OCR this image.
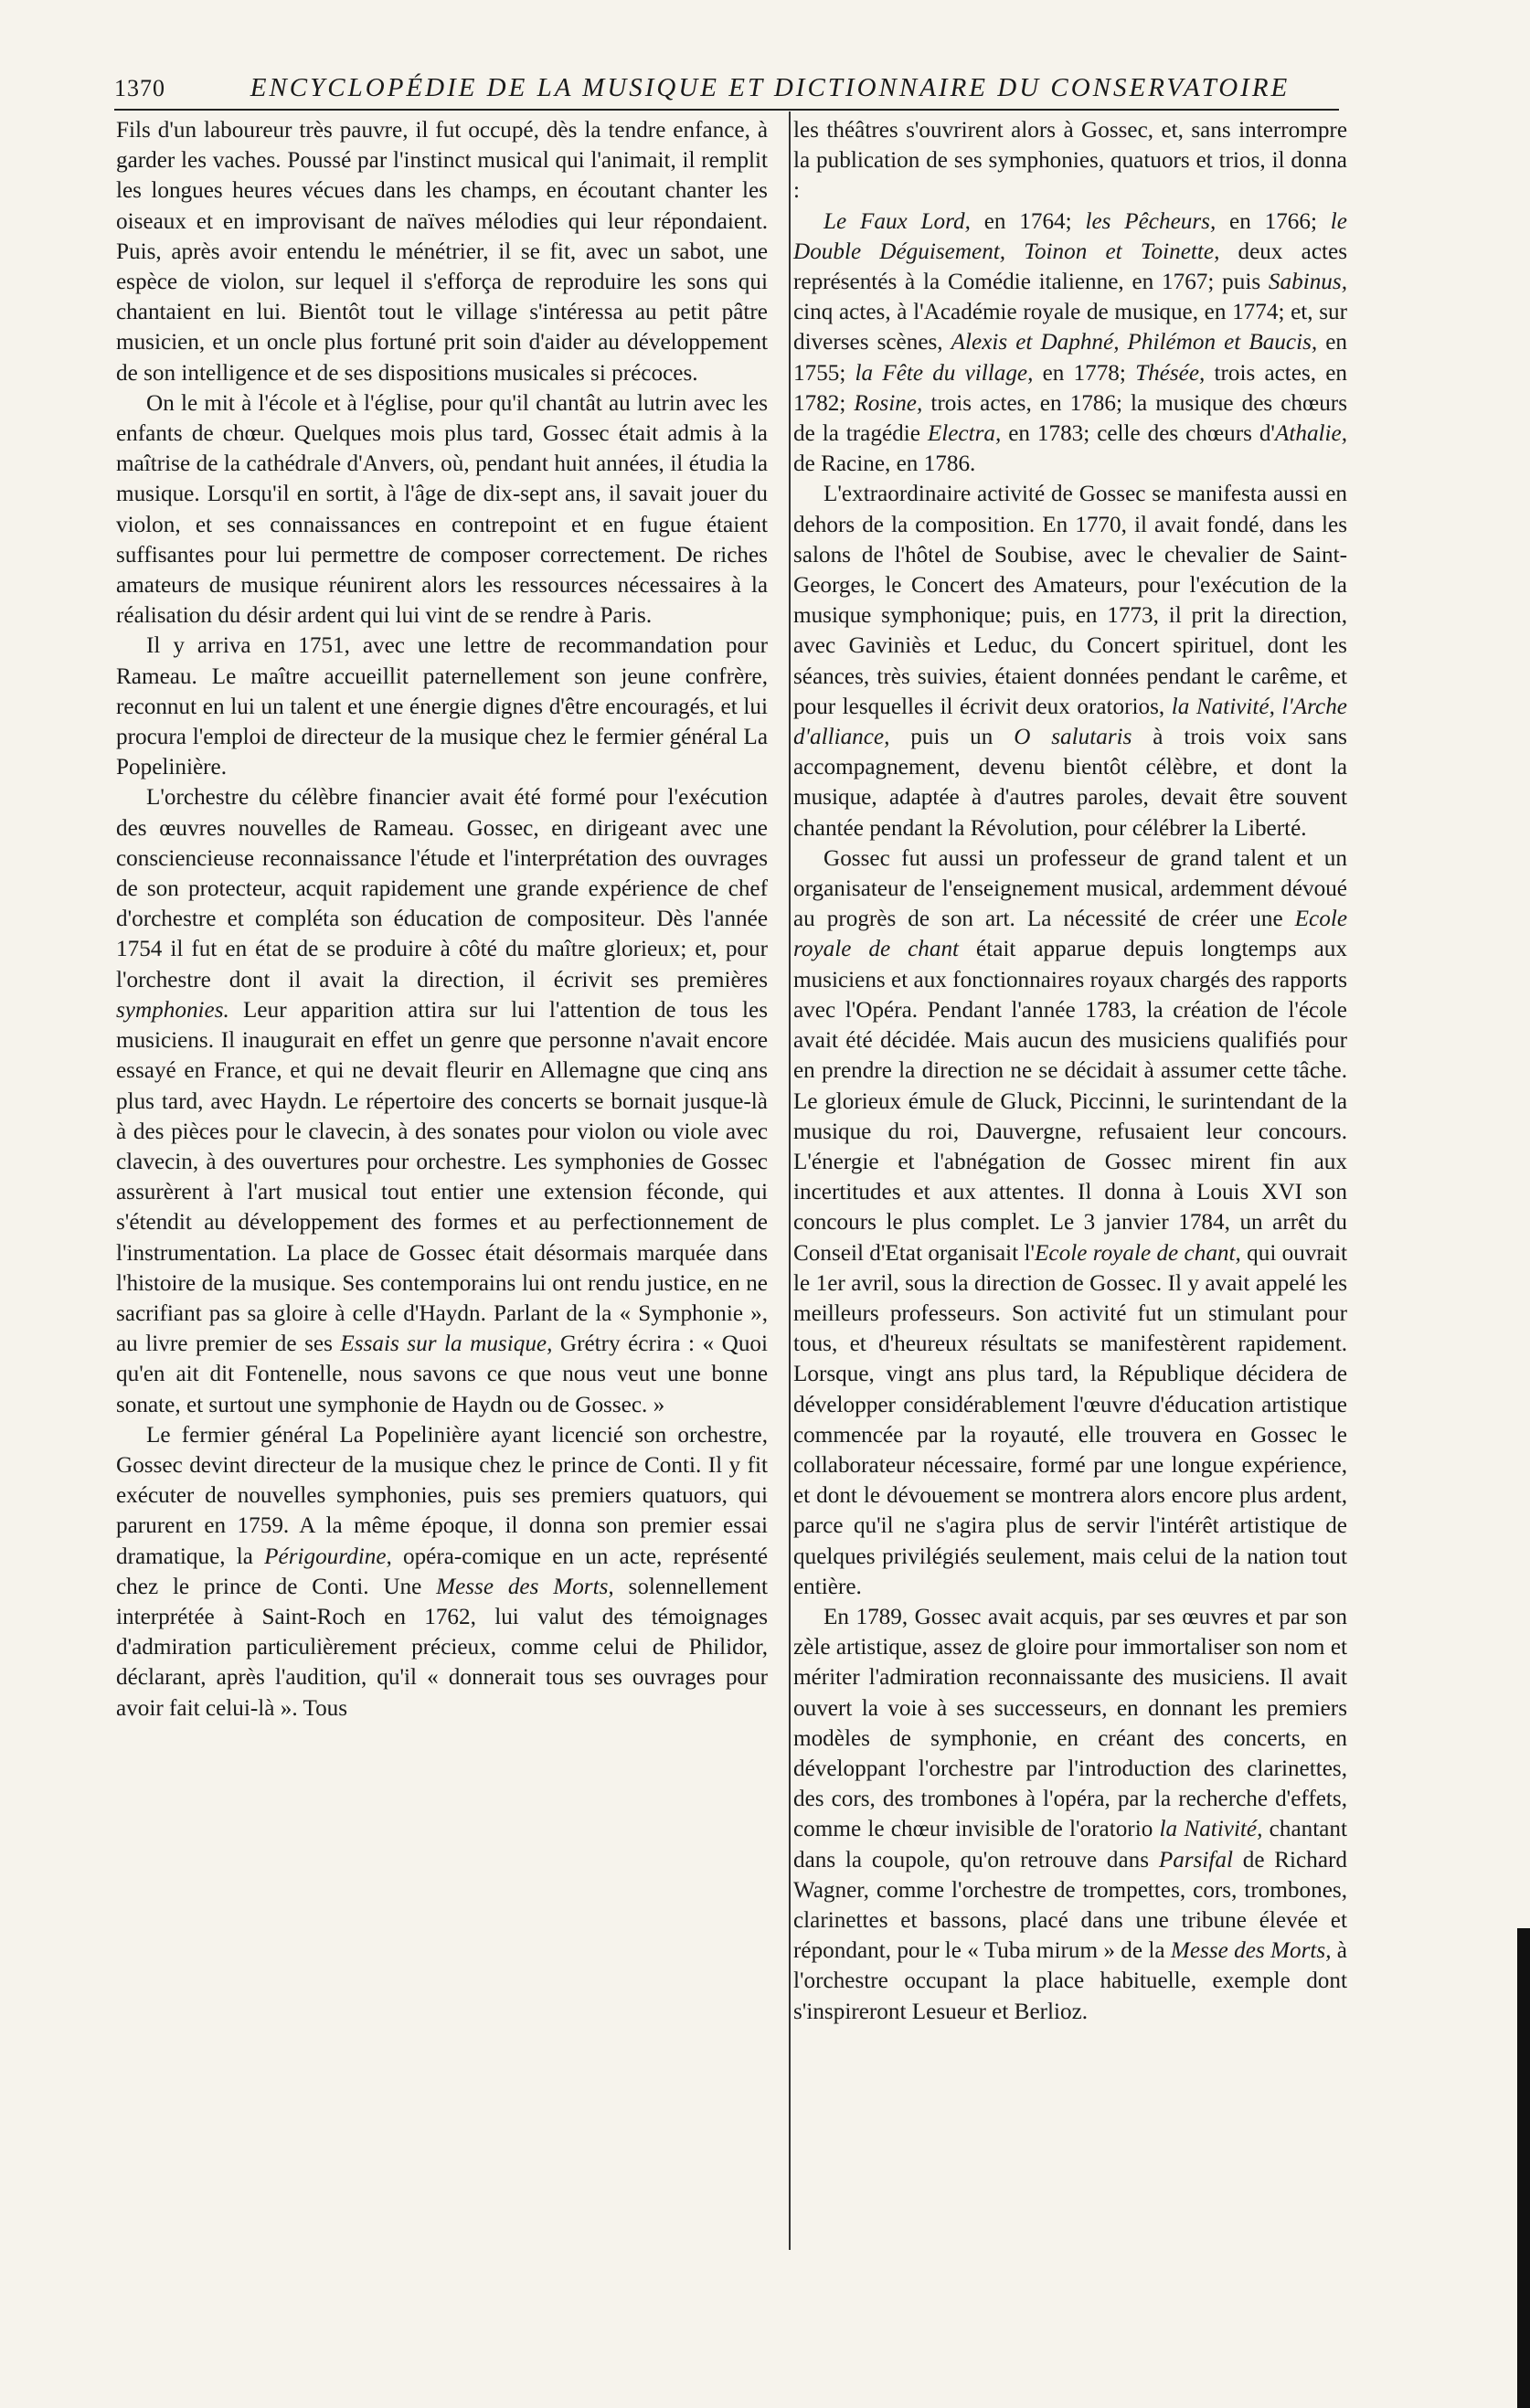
1370	ENCYCLOPÉDIE DE LA MUSIQUE ET DICTIONNAIRE DU CONSERVATOIRE

Fils d'un laboureur très pauvre, il fut occupé, dès la tendre enfance, à garder les vaches. Poussé par l'instinct musical qui l'animait, il remplit les longues heures vécues dans les champs, en écoutant chanter les oiseaux et en improvisant de naïves mélodies qui leur répondaient. Puis, après avoir entendu le ménétrier, il se fit, avec un sabot, une espèce de violon, sur lequel il s'efforça de reproduire les sons qui chantaient en lui. Bientôt tout le village s'intéressa au petit pâtre musicien, et un oncle plus fortuné prit soin d'aider au développement de son intelligence et de ses dispositions musicales si précoces.

On le mit à l'école et à l'église, pour qu'il chantât au lutrin avec les enfants de chœur. Quelques mois plus tard, Gossec était admis à la maîtrise de la cathédrale d'Anvers, où, pendant huit années, il étudia la musique. Lorsqu'il en sortit, à l'âge de dix-sept ans, il savait jouer du violon, et ses connaissances en contrepoint et en fugue étaient suffisantes pour lui permettre de composer correctement. De riches amateurs de musique réunirent alors les ressources nécessaires à la réalisation du désir ardent qui lui vint de se rendre à Paris.

Il y arriva en 1751, avec une lettre de recommandation pour Rameau. Le maître accueillit paternellement son jeune confrère, reconnut en lui un talent et une énergie dignes d'être encouragés, et lui procura l'emploi de directeur de la musique chez le fermier général La Popelinière.

L'orchestre du célèbre financier avait été formé pour l'exécution des œuvres nouvelles de Rameau. Gossec, en dirigeant avec une consciencieuse reconnaissance l'étude et l'interprétation des ouvrages de son protecteur, acquit rapidement une grande expérience de chef d'orchestre et compléta son éducation de compositeur. Dès l'année 1754 il fut en état de se produire à côté du maître glorieux; et, pour l'orchestre dont il avait la direction, il écrivit ses premières symphonies. Leur apparition attira sur lui l'attention de tous les musiciens. Il inaugurait en effet un genre que personne n'avait encore essayé en France, et qui ne devait fleurir en Allemagne que cinq ans plus tard, avec Haydn. Le répertoire des concerts se bornait jusque-là à des pièces pour le clavecin, à des sonates pour violon ou viole avec clavecin, à des ouvertures pour orchestre. Les symphonies de Gossec assurèrent à l'art musical tout entier une extension féconde, qui s'étendit au développement des formes et au perfectionnement de l'instrumentation. La place de Gossec était désormais marquée dans l'histoire de la musique. Ses contemporains lui ont rendu justice, en ne sacrifiant pas sa gloire à celle d'Haydn. Parlant de la « Symphonie », au livre premier de ses Essais sur la musique, Grétry écrira : « Quoi qu'en ait dit Fontenelle, nous savons ce que nous veut une bonne sonate, et surtout une symphonie de Haydn ou de Gossec. »

Le fermier général La Popelinière ayant licencié son orchestre, Gossec devint directeur de la musique chez le prince de Conti. Il y fit exécuter de nouvelles symphonies, puis ses premiers quatuors, qui parurent en 1759. A la même époque, il donna son premier essai dramatique, la Périgourdine, opéra-comique en un acte, représenté chez le prince de Conti. Une Messe des Morts, solennellement interprétée à Saint-Roch en 1762, lui valut des témoignages d'admiration particulièrement précieux, comme celui de Philidor, déclarant, après l'audition, qu'il « donnerait tous ses ouvrages pour avoir fait celui-là ». Tous

les théâtres s'ouvrirent alors à Gossec, et, sans interrompre la publication de ses symphonies, quatuors et trios, il donna :

Le Faux Lord, en 1764; les Pêcheurs, en 1766; le Double Déguisement, Toinon et Toinette, deux actes représentés à la Comédie italienne, en 1767; puis Sabinus, cinq actes, à l'Académie royale de musique, en 1774; et, sur diverses scènes, Alexis et Daphné, Philémon et Baucis, en 1755; la Fête du village, en 1778; Thésée, trois actes, en 1782; Rosine, trois actes, en 1786; la musique des chœurs de la tragédie Electra, en 1783; celle des chœurs d'Athalie, de Racine, en 1786.

L'extraordinaire activité de Gossec se manifesta aussi en dehors de la composition. En 1770, il avait fondé, dans les salons de l'hôtel de Soubise, avec le chevalier de Saint-Georges, le Concert des Amateurs, pour l'exécution de la musique symphonique; puis, en 1773, il prit la direction, avec Gaviniès et Leduc, du Concert spirituel, dont les séances, très suivies, étaient données pendant le carême, et pour lesquelles il écrivit deux oratorios, la Nativité, l'Arche d'alliance, puis un O salutaris à trois voix sans accompagnement, devenu bientôt célèbre, et dont la musique, adaptée à d'autres paroles, devait être souvent chantée pendant la Révolution, pour célébrer la Liberté.

Gossec fut aussi un professeur de grand talent et un organisateur de l'enseignement musical, ardemment dévoué au progrès de son art. La nécessité de créer une Ecole royale de chant était apparue depuis longtemps aux musiciens et aux fonctionnaires royaux chargés des rapports avec l'Opéra. Pendant l'année 1783, la création de l'école avait été décidée. Mais aucun des musiciens qualifiés pour en prendre la direction ne se décidait à assumer cette tâche. Le glorieux émule de Gluck, Piccinni, le surintendant de la musique du roi, Dauvergne, refusaient leur concours. L'énergie et l'abnégation de Gossec mirent fin aux incertitudes et aux attentes. Il donna à Louis XVI son concours le plus complet. Le 3 janvier 1784, un arrêt du Conseil d'Etat organisait l'Ecole royale de chant, qui ouvrait le 1er avril, sous la direction de Gossec. Il y avait appelé les meilleurs professeurs. Son activité fut un stimulant pour tous, et d'heureux résultats se manifestèrent rapidement. Lorsque, vingt ans plus tard, la République décidera de développer considérablement l'œuvre d'éducation artistique commencée par la royauté, elle trouvera en Gossec le collaborateur nécessaire, formé par une longue expérience, et dont le dévouement se montrera alors encore plus ardent, parce qu'il ne s'agira plus de servir l'intérêt artistique de quelques privilégiés seulement, mais celui de la nation tout entière.

En 1789, Gossec avait acquis, par ses œuvres et par son zèle artistique, assez de gloire pour immortaliser son nom et mériter l'admiration reconnaissante des musiciens. Il avait ouvert la voie à ses successeurs, en donnant les premiers modèles de symphonie, en créant des concerts, en développant l'orchestre par l'introduction des clarinettes, des cors, des trombones à l'opéra, par la recherche d'effets, comme le chœur invisible de l'oratorio la Nativité, chantant dans la coupole, qu'on retrouve dans Parsifal de Richard Wagner, comme l'orchestre de trompettes, cors, trombones, clarinettes et bassons, placé dans une tribune élevée et répondant, pour le « Tuba mirum » de la Messe des Morts, à l'orchestre occupant la place habituelle, exemple dont s'inspireront Lesueur et Berlioz.
